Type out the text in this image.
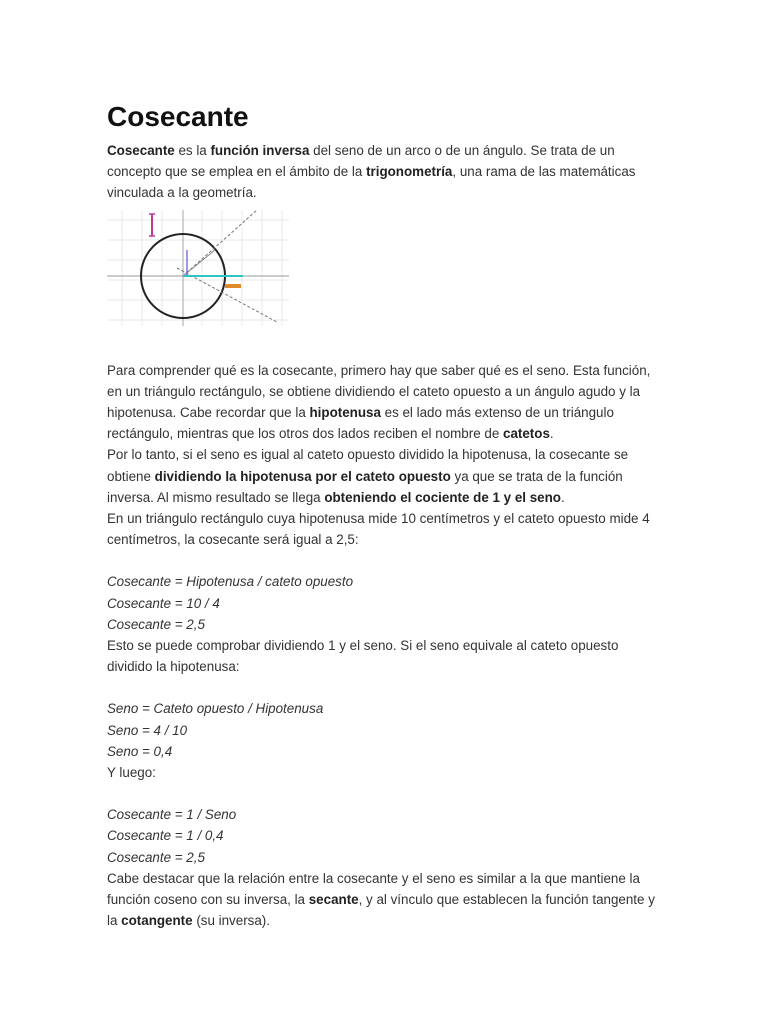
Cosecante

Cosecante es la función inversa del seno de un arco o de un ángulo. Se trata de un concepto que se emplea en el ámbito de la trigonometría, una rama de las matemáticas vinculada a la geometría.

Para comprender qué es la cosecante, primero hay que saber qué es el seno. Esta función, en un triángulo rectángulo, se obtiene dividiendo el cateto opuesto a un ángulo agudo y la hipotenusa. Cabe recordar que la hipotenusa es el lado más extenso de un triángulo rectángulo, mientras que los otros dos lados reciben el nombre de catetos.

Por lo tanto, si el seno es igual al cateto opuesto dividido la hipotenusa, la cosecante se obtiene dividiendo la hipotenusa por el cateto opuesto ya que se trata de la función inversa. Al mismo resultado se llega obteniendo el cociente de 1 y el seno.

En un triángulo rectángulo cuya hipotenusa mide 10 centímetros y el cateto opuesto mide 4 centímetros, la cosecante será igual a 2,5:

Cosecante = Hipotenusa / cateto opuesto

Cosecante = 10 / 4

Cosecante = 2,5

Esto se puede comprobar dividiendo 1 y el seno. Si el seno equivale al cateto opuesto dividido la hipotenusa:

Seno = Cateto opuesto / Hipotenusa

Seno = 4 / 10

Seno = 0,4

Y luego:

Cosecante = 1 / Seno

Cosecante = 1 / 0,4

Cosecante = 2,5

Cabe destacar que la relación entre la cosecante y el seno es similar a la que mantiene la función coseno con su inversa, la secante, y al vínculo que establecen la función tangente y la cotangente (su inversa).
